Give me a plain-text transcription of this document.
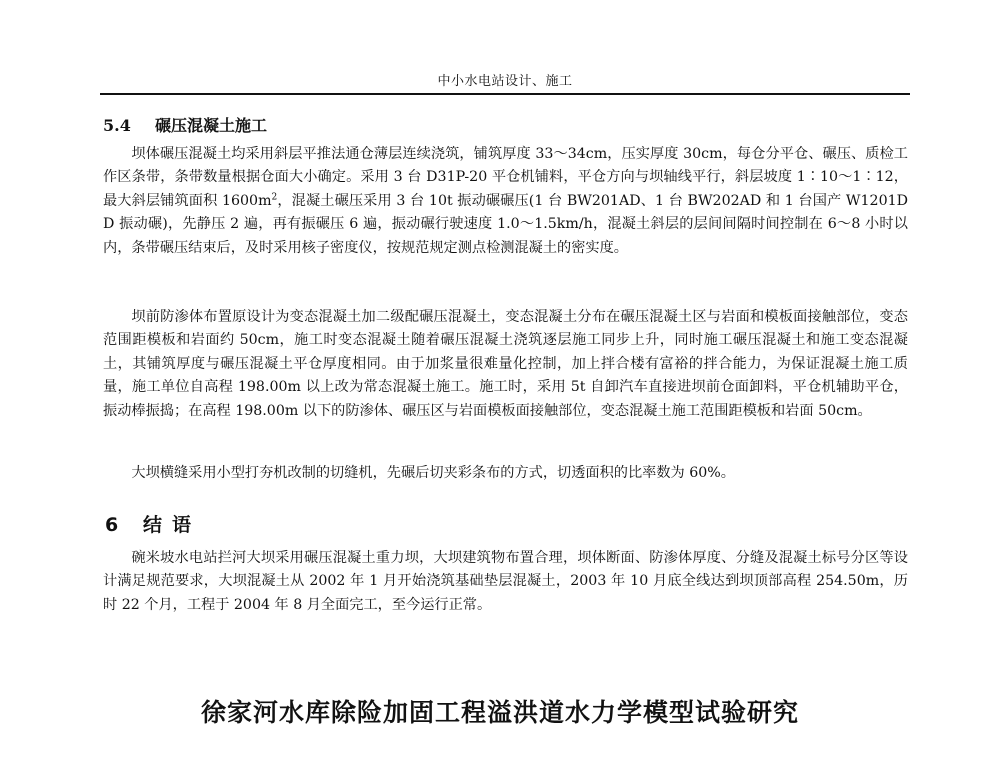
中小水电站设计、施工
5.4 碾压混凝土施工
坝体碾压混凝土均采用斜层平推法通仓薄层连续浇筑，铺筑厚度 33～34cm，压实厚度 30cm，每仓分平仓、碾压、质检工作区条带，条带数量根据仓面大小确定。采用 3 台 D31P-20 平仓机铺料，平仓方向与坝轴线平行，斜层坡度 1∶10～1∶12，最大斜层铺筑面积 $1600m^2$，混凝土碾压采用 3 台 10t 振动碾碾压(1 台 BW201AD、1 台 BW202AD 和 1 台国产 W1201DD 振动碾)，先静压 2 遍，再有振碾压 6 遍，振动碾行驶速度 1.0～1.5km/h，混凝土斜层的层间间隔时间控制在 6～8 小时以内，条带碾压结束后，及时采用核子密度仪，按规范规定测点检测混凝土的密实度。
坝前防渗体布置原设计为变态混凝土加二级配碾压混凝土，变态混凝土分布在碾压混凝土区与岩面和模板面接触部位，变态范围距模板和岩面约 50cm，施工时变态混凝土随着碾压混凝土浇筑逐层施工同步上升，同时施工碾压混凝土和施工变态混凝土，其铺筑厚度与碾压混凝土平仓厚度相同。由于加浆量很难量化控制，加上拌合楼有富裕的拌合能力，为保证混凝土施工质量，施工单位自高程 198.00m 以上改为常态混凝土施工。施工时，采用 5t 自卸汽车直接进坝前仓面卸料，平仓机辅助平仓，振动棒振捣；在高程 198.00m 以下的防渗体、碾压区与岩面模板面接触部位，变态混凝土施工范围距模板和岩面 50cm。
大坝横缝采用小型打夯机改制的切缝机，先碾后切夹彩条布的方式，切透面积的比率数为 60%。
6 结语
碗米坡水电站拦河大坝采用碾压混凝土重力坝，大坝建筑物布置合理，坝体断面、防渗体厚度、分缝及混凝土标号分区等设计满足规范要求，大坝混凝土从 2002 年 1 月开始浇筑基础垫层混凝土，2003 年 10 月底全线达到坝顶部高程 254.50m，历时 22 个月，工程于 2004 年 8 月全面完工，至今运行正常。
徐家河水库除险加固工程溢洪道水力学模型试验研究
